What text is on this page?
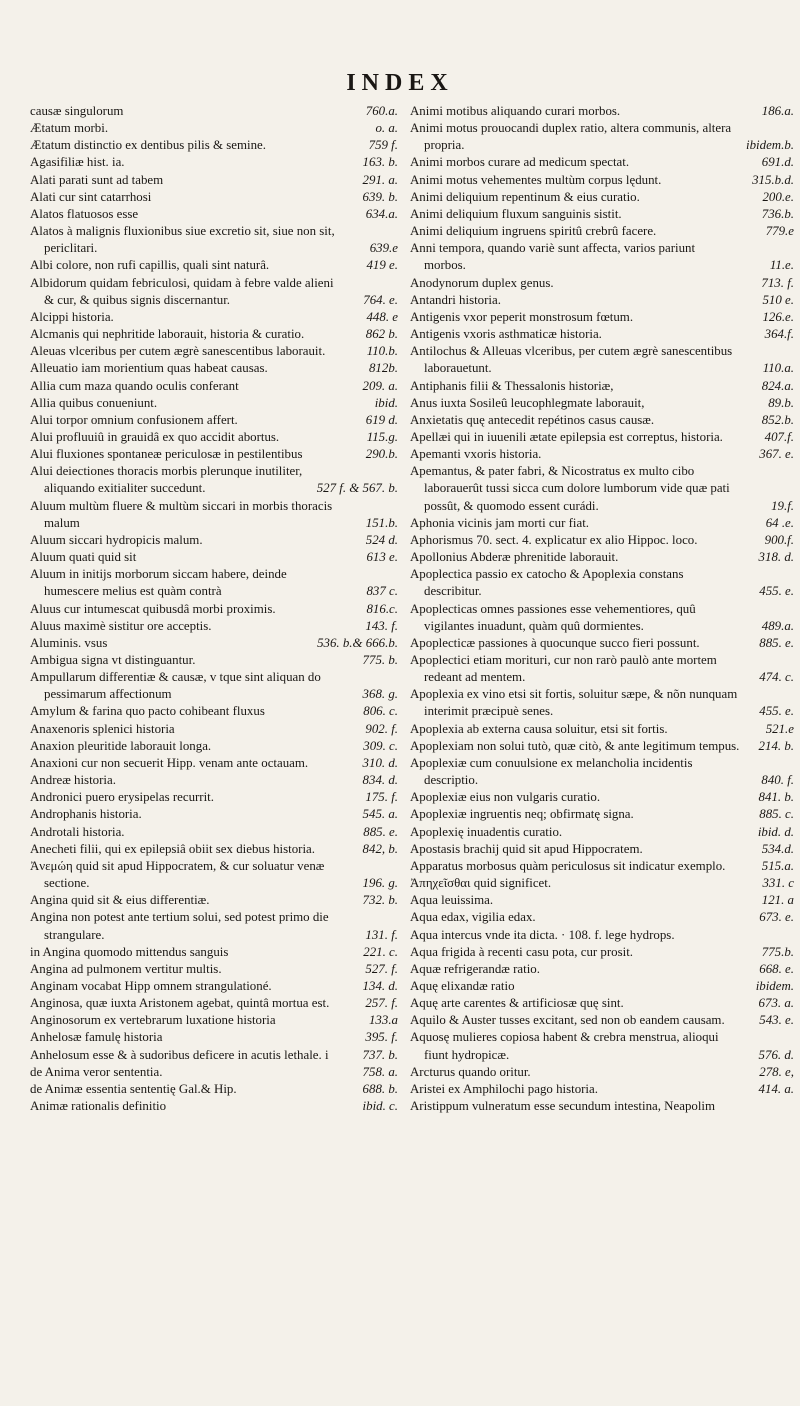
INDEX
causæ singulorum	760.a.
Ætatum morbi.	o. a.
Ætatum distinctio ex dentibus pilis & semine.	759 f.
Agasifiliæ hist. ia.	163. b.
Alati parati sunt ad tabem	291. a.
Alati cur sint catarrhosi	639. b.
Alatos flatuosos esse	634.a.
Alatos à malignis fluxionibus siue excretio sit, siue non sit, periclitari.	639.e
Albi colore, non rufi capillis, quali sint naturâ.	419 e.
Albidorum quidam febriculosi, quidam à febre valde alieni & cur, & quibus signis discernantur.	764. e.
Alcippi historia.	448. e
Alcmanis qui nephritide laborauit, historia & curatio.	862 b.
Aleuas vlceribus per cutem ægrè sanescentibus laborauit.	110.b.
Alleuatio iam morientium quas habeat causas.	812b.
Allia cum maza quando oculis conferant	209. a.
Allia quibus conueniunt.	ibid.
Alui torpor omnium confusionem affert.	619 d.
Alui profluuiû in grauidâ ex quo accidit abortus.	115.g.
Alui fluxiones spontaneæ periculosæ in pestilentibus	290.b.
Alui deiectiones thoracis morbis plerunque inutiliter, aliquando exitialiter succedunt.	527 f. & 567. b.
Aluum multùm fluere & multùm siccari in morbis thoracis malum	151.b.
Aluum siccari hydropicis malum.	524 d.
Aluum quati quid sit	613 e.
Aluum in initijs morborum siccam habere, deinde humescere melius est quàm contrà	837 c.
Aluus cur intumescat quibusdâ morbi proximis.	816.c.
Aluus maximè sistitur ore acceptis.	143. f.
Aluminis. vsus	536. b.& 666.b.
Ambigua signa vt distinguantur.	775. b.
Ampullarum differentiæ & causæ, v tque sint aliquan do pessimarum affectionum	368. g.
Amylum & farina quo pacto cohibeant fluxus	806. c.
Anaxenoris splenici historia	902. f.
Anaxion pleuritide laborauit longa.	309. c.
Anaxioni cur non secuerit Hipp. venam ante octauam.	310. d.
Andreæ historia.	834. d.
Andronici puero erysipelas recurrit.	175. f.
Androphanis historia.	545. a.
Androtali historia.	885. e.
Anecheti filii, qui ex epilepsiâ obiit sex diebus historia.	842, b.
Ἀνεμώη quid sit apud Hippocratem, & cur soluatur venæ sectione.	196. g.
Angina quid sit & eius differentiæ.	732. b.
Angina non potest ante tertium solui, sed potest primo die strangulare.	131. f.
in Angina quomodo mittendus sanguis	221. c.
Angina ad pulmonem vertitur multis.	527. f.
Anginam vocabat Hipp omnem strangulationé.	134. d.
Anginosa, quæ iuxta Aristonem agebat, quintâ mortua est.	257. f.
Anginosorum ex vertebrarum luxatione historia	133.a
Anhelosæ famulę historia	395. f.
Anhelosum esse & à sudoribus deficere in acutis lethale. i	737. b.
de Anima veror sententia.	758. a.
de Animæ essentia sententię Gal.& Hip.	688. b.
Animæ rationalis definitio	ibid. c.
Animi motibus aliquando curari morbos.	186.a.
Animi motus prouocandi duplex ratio, altera communis, altera propria.	ibidem.b.
Animi morbos curare ad medicum spectat.	691.d.
Animi motus vehementes multùm corpus lędunt.	315.b.d.
Animi deliquium repentinum & eius curatio.	200.e.
Animi deliquium fluxum sanguinis sistit.	736.b.
Animi deliquium ingruens spiritû crebrû facere.	779.e
Anni tempora, quando variè sunt affecta, varios pariunt morbos.	11.e.
Anodynorum duplex genus.	713. f.
Antandri historia.	510 e.
Antigenis vxor peperit monstrosum fœtum.	126.e.
Antigenis vxoris asthmaticæ historia.	364.f.
Antilochus & Alleuas vlceribus, per cutem ægrè sanescentibus laborauetunt.	110.a.
Antiphanis filii & Thessalonis historiæ,	824.a.
Anus iuxta Sosileû leucophlegmate laborauit,	89.b.
Anxietatis quę antecedit repétinos casus causæ.	852.b.
Apellæi qui in iuuenili ætate epilepsia est correptus, historia.	407.f.
Apemanti vxoris historia.	367. e.
Apemantus, & pater fabri, & Nicostratus ex multo cibo laborauerût tussi sicca cum dolore lumborum vide quæ pati possût, & quomodo essent curádi.	19.f.
Aphonia vicinis jam morti cur fiat.	64 .e.
Aphorismus 70. sect. 4. explicatur ex alio Hippoc. loco.	900.f.
Apollonius Abderæ phrenitide laborauit.	318. d.
Apoplectica passio ex catocho & Apoplexia constans describitur.	455. e.
Apoplecticas omnes passiones esse vehementiores, quû vigilantes inuadunt, quàm quû dormientes.	489.a.
Apoplecticæ passiones à quocunque succo fieri possunt.	885. e.
Apoplectici etiam morituri, cur non rarò paulò ante mortem redeant ad mentem.	474. c.
Apoplexia ex vino etsi sit fortis, soluitur sæpe, & nõn nunquam interimit præcipuè senes.	455. e.
Apoplexia ab externa causa soluitur, etsi sit fortis.	521.e
Apoplexiam non solui tutò, quæ citò, & ante legitimum tempus.	214. b.
Apoplexiæ cum conuulsione ex melancholia incidentis descriptio.	840. f.
Apoplexiæ eius non vulgaris curatio.	841. b.
Apoplexiæ ingruentis neq; obfirmatę signa.	885. c.
Apoplexię inuadentis curatio.	ibid. d.
Apostasis brachij quid sit apud Hippocratem.	534.d.
Apparatus morbosus quàm periculosus sit indicatur exemplo.	515.a.
Ἀπηχεῖσθαι quid significet.	331. c
Aqua leuissima.	121. a
Aqua edax, vigilia edax.	673. e.
Aqua intercus vnde ita dicta. · 108. f. lege hydrops.
Aqua frigida à recenti casu pota, cur prosit.	775.b.
Aquæ refrigerandæ ratio.	668. e.
Aquę elixandæ ratio	ibidem.
Aquę arte carentes & artificiosæ quę sint.	673. a.
Aquilo & Auster tusses excitant, sed non ob eandem causam.	543. e.
Aquosę mulieres copiosa habent & crebra menstrua, alioqui fiunt hydropicæ.	576. d.
Arcturus quando oritur.	278. e,
Aristei ex Amphilochi pago historia.	414. a.
Aristippum vulneratum esse secundum intestina, Neapolim
